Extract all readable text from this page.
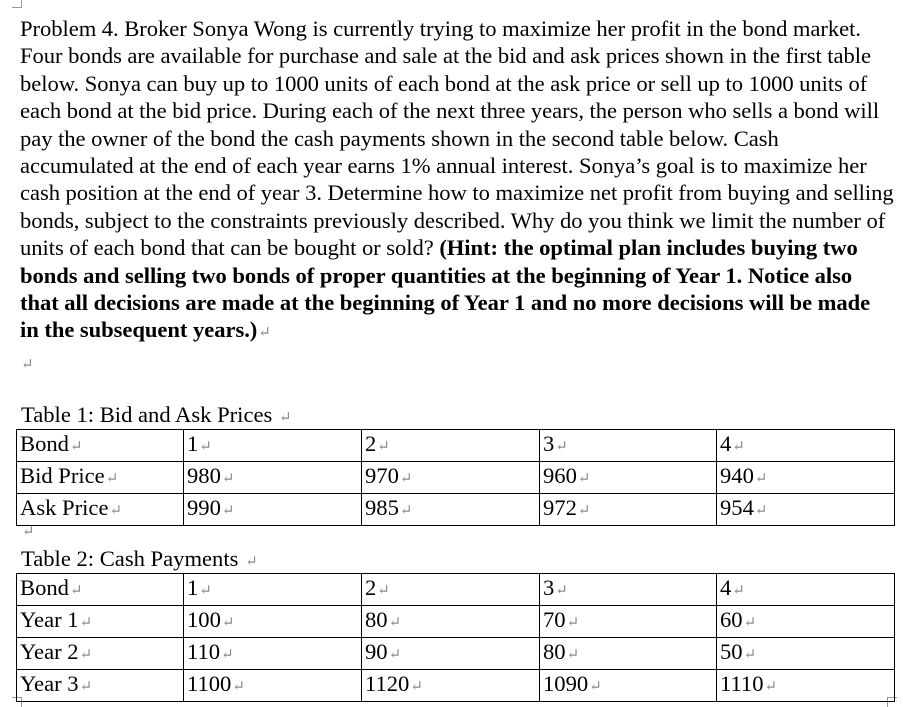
Problem 4. Broker Sonya Wong is currently trying to maximize her profit in the bond market. Four bonds are available for purchase and sale at the bid and ask prices shown in the first table below. Sonya can buy up to 1000 units of each bond at the ask price or sell up to 1000 units of each bond at the bid price. During each of the next three years, the person who sells a bond will pay the owner of the bond the cash payments shown in the second table below. Cash accumulated at the end of each year earns 1% annual interest. Sonya’s goal is to maximize her cash position at the end of year 3. Determine how to maximize net profit from buying and selling bonds, subject to the constraints previously described. Why do you think we limit the number of units of each bond that can be bought or sold? (Hint: the optimal plan includes buying two bonds and selling two bonds of proper quantities at the beginning of Year 1. Notice also that all decisions are made at the beginning of Year 1 and no more decisions will be made in the subsequent years.)↵

↵

Table 1: Bid and Ask Prices ↵

Bond↵	1↵	2↵	3↵	4↵
Bid Price↵	980↵	970↵	960↵	940↵
Ask Price↵	990↵	985↵	972↵	954↵
↵

Table 2: Cash Payments ↵

Bond↵	1↵	2↵	3↵	4↵
Year 1↵	100↵	80↵	70↵	60↵
Year 2↵	110↵	90↵	80↵	50↵
Year 3↵	1100↵	1120↵	1090↵	1110↵
